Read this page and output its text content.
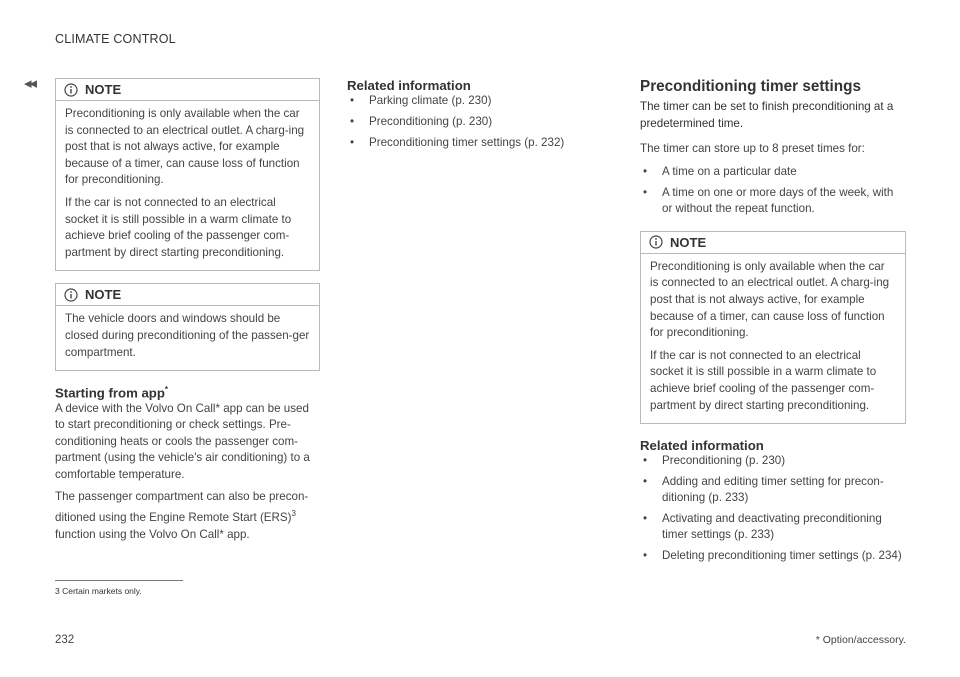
CLIMATE CONTROL
◂◂	NOTE

Preconditioning is only available when the car is connected to an electrical outlet. A charg-ing post that is not always active, for example because of a timer, can cause loss of function for preconditioning.

If the car is not connected to an electrical socket it is still possible in a warm climate to achieve brief cooling of the passenger com-partment by direct starting preconditioning.

NOTE

The vehicle doors and windows should be closed during preconditioning of the passen-ger compartment.

Starting from app*

A device with the Volvo On Call* app can be used to start preconditioning or check settings. Pre-conditioning heats or cools the passenger com-partment (using the vehicle's air conditioning) to a comfortable temperature.

The passenger compartment can also be precon-ditioned using the Engine Remote Start (ERS)$^3$ function using the Volvo On Call* app.

Related information
• Parking climate (p. 230)
• Preconditioning (p. 230)
• Preconditioning timer settings (p. 232)
Preconditioning timer settings

The timer can be set to finish preconditioning at a predetermined time.

The timer can store up to 8 preset times for:

• A time on a particular date
• A time on one or more days of the week, with or without the repeat function.
NOTE

Preconditioning is only available when the car is connected to an electrical outlet. A charg-ing post that is not always active, for example because of a timer, can cause loss of function for preconditioning.

If the car is not connected to an electrical socket it is still possible in a warm climate to achieve brief cooling of the passenger com-partment by direct starting preconditioning.

Related information
• Preconditioning (p. 230)
• Adding and editing timer setting for precon-ditioning (p. 233)
• Activating and deactivating preconditioning timer settings (p. 233)
• Deleting preconditioning timer settings (p. 234)
3 Certain markets only.
232	* Option/accessory.
